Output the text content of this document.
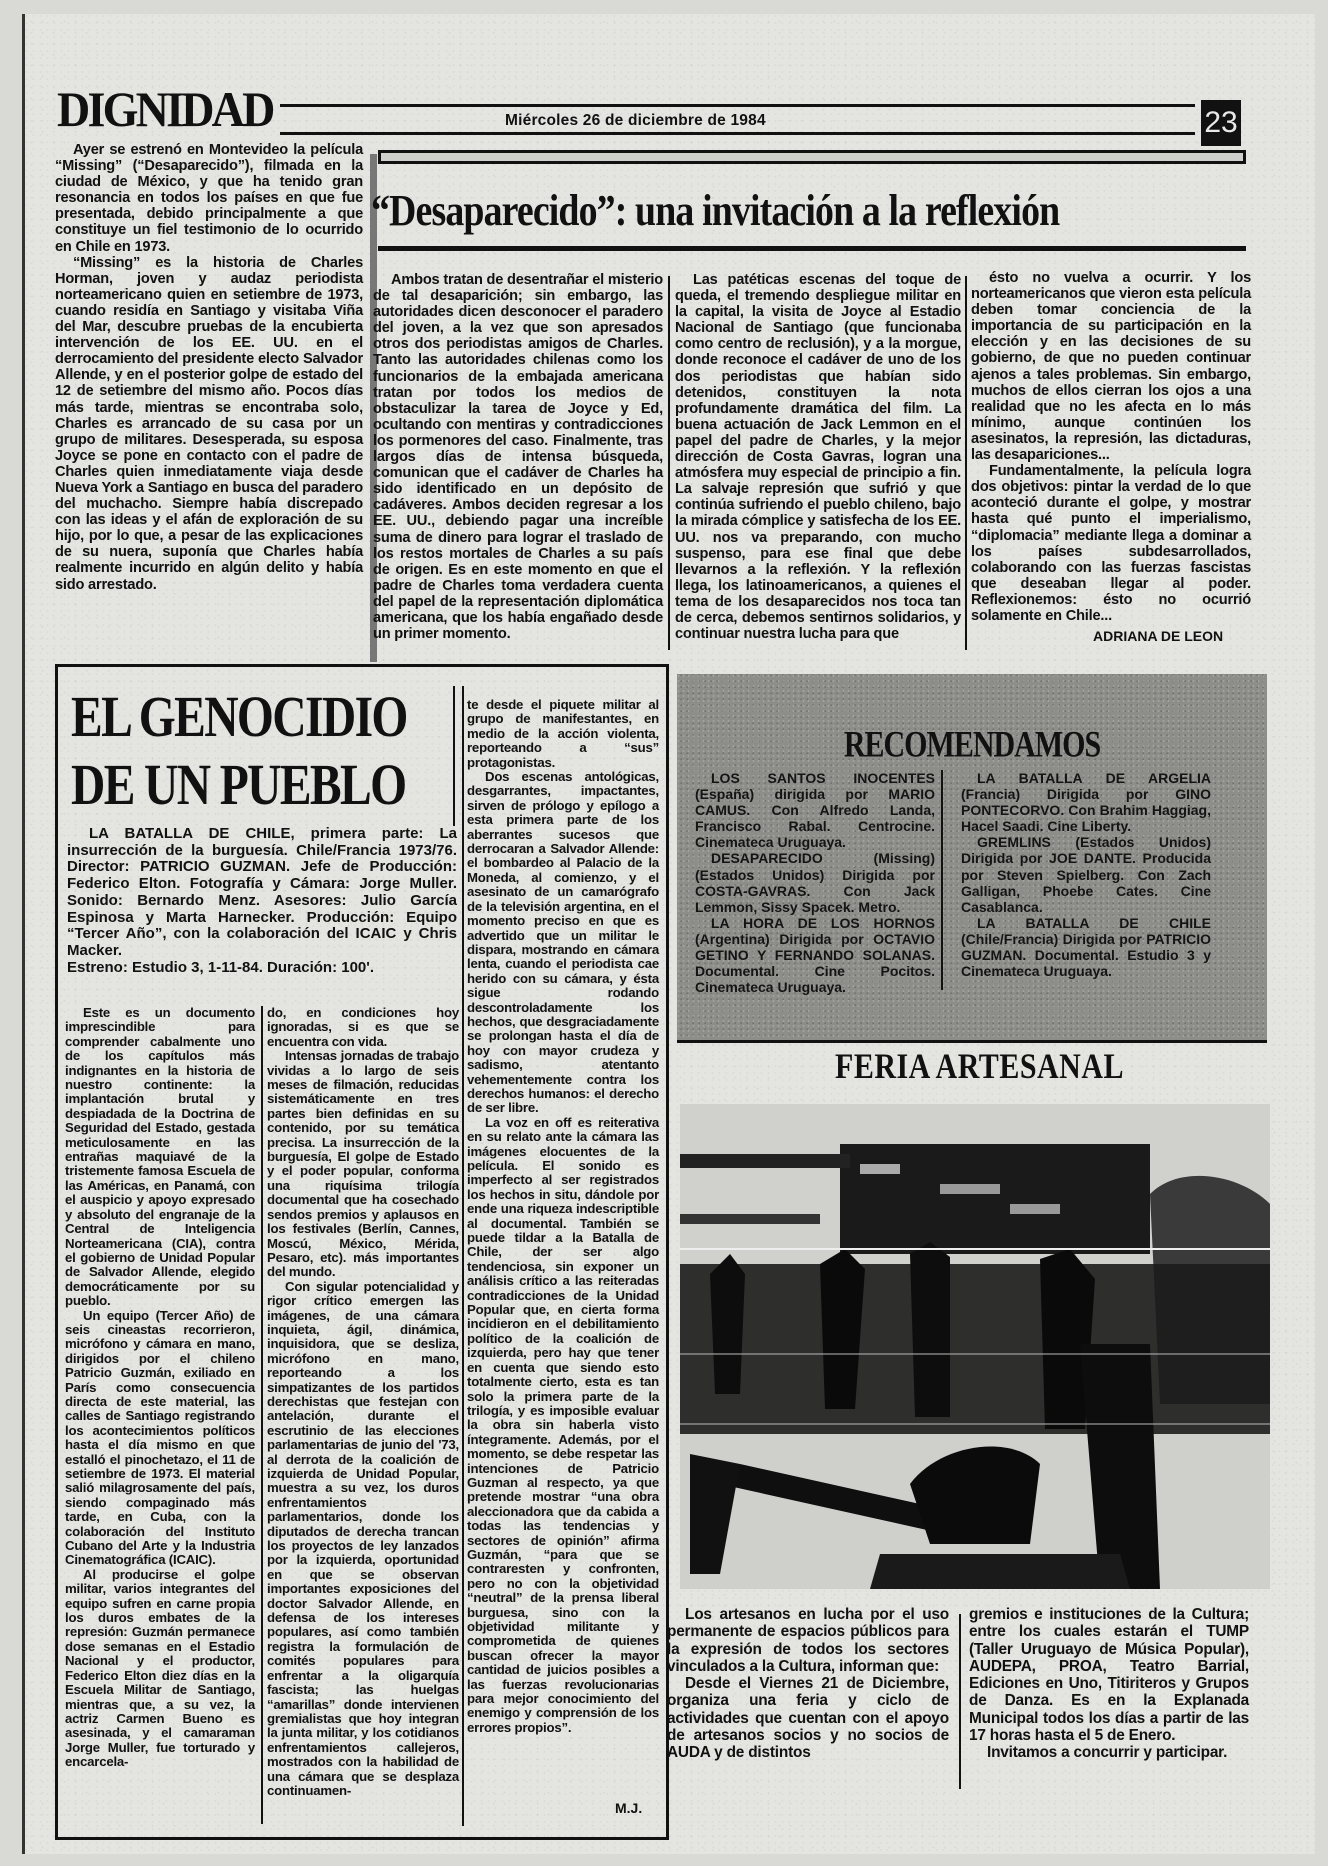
DIGNIDAD	Miércoles 26 de diciembre de 1984	23

Ayer se estrenó en Montevideo la película “Missing” (“Desaparecido”), filmada en la ciudad de México, y que ha tenido gran resonancia en todos los países en que fue presentada, debido principalmente a que constituye un fiel testimonio de lo ocurrido en Chile en 1973.

“Missing” es la historia de Charles Horman, joven y audaz periodista norteamericano quien en setiembre de 1973, cuando residía en Santiago y visitaba Viña del Mar, descubre pruebas de la encubierta intervención de los EE. UU. en el derrocamiento del presidente electo Salvador Allende, y en el posterior golpe de estado del 12 de setiembre del mismo año. Pocos días más tarde, mientras se encontraba solo, Charles es arrancado de su casa por un grupo de militares. Desesperada, su esposa Joyce se pone en contacto con el padre de Charles quien inmediatamente viaja desde Nueva York a Santiago en busca del paradero del muchacho. Siempre había discrepado con las ideas y el afán de exploración de su hijo, por lo que, a pesar de las explicaciones de su nuera, suponía que Charles había realmente incurrido en algún delito y había sido arrestado.

“Desaparecido”: una invitación a la reflexión

Ambos tratan de desentrañar el misterio de tal desaparición; sin embargo, las autoridades dicen desconocer el paradero del joven, a la vez que son apresados otros dos periodistas amigos de Charles. Tanto las autoridades chilenas como los funcionarios de la embajada americana tratan por todos los medios de obstaculizar la tarea de Joyce y Ed, ocultando con mentiras y contradicciones los pormenores del caso. Finalmente, tras largos días de intensa búsqueda, comunican que el cadáver de Charles ha sido identificado en un depósito de cadáveres. Ambos deciden regresar a los EE. UU., debiendo pagar una increíble suma de dinero para lograr el traslado de los restos mortales de Charles a su país de origen. Es en este momento en que el padre de Charles toma verdadera cuenta del papel de la representación diplomática americana, que los había engañado desde un primer momento.

Las patéticas escenas del toque de queda, el tremendo despliegue militar en la capital, la visita de Joyce al Estadio Nacional de Santiago (que funcionaba como centro de reclusión), y a la morgue, donde reconoce el cadáver de uno de los dos periodistas que habían sido detenidos, constituyen la nota profundamente dramática del film. La buena actuación de Jack Lemmon en el papel del padre de Charles, y la mejor dirección de Costa Gavras, logran una atmósfera muy especial de principio a fin. La salvaje represión que sufrió y que continúa sufriendo el pueblo chileno, bajo la mirada cómplice y satisfecha de los EE. UU. nos va preparando, con mucho suspenso, para ese final que debe llevarnos a la reflexión. Y la reflexión llega, los latinoamericanos, a quienes el tema de los desaparecidos nos toca tan de cerca, debemos sentirnos solidarios, y continuar nuestra lucha para que

ésto no vuelva a ocurrir. Y los norteamericanos que vieron esta película deben tomar conciencia de la importancia de su participación en la elección y en las decisiones de su gobierno, de que no pueden continuar ajenos a tales problemas. Sin embargo, muchos de ellos cierran los ojos a una realidad que no les afecta en lo más mínimo, aunque continúen los asesinatos, la represión, las dictaduras, las desapariciones...

Fundamentalmente, la película logra dos objetivos: pintar la verdad de lo que aconteció durante el golpe, y mostrar hasta qué punto el imperialismo, “diplomacia” mediante llega a dominar a los países subdesarrollados, colaborando con las fuerzas fascistas que deseaban llegar al poder. Reflexionemos: ésto no ocurrió solamente en Chile...

ADRIANA DE LEON
EL GENOCIDIO
DE UN PUEBLO
LA BATALLA DE CHILE, primera parte: La insurrección de la burguesía. Chile/Francia 1973/76. Director: PATRICIO GUZMAN. Jefe de Producción: Federico Elton. Fotografía y Cámara: Jorge Muller. Sonido: Bernardo Menz. Asesores: Julio García Espinosa y Marta Harnecker. Producción: Equipo “Tercer Año”, con la colaboración del ICAIC y Chris Macker.
Estreno: Estudio 3, 1-11-84. Duración: 100'.

Este es un documento imprescindible para comprender cabalmente uno de los capítulos más indignantes en la historia de nuestro continente: la implantación brutal y despiadada de la Doctrina de Seguridad del Estado, gestada meticulosamente en las entrañas maquiavé de la tristemente famosa Escuela de las Américas, en Panamá, con el auspicio y apoyo expresado y absoluto del engranaje de la Central de Inteligencia Norteamericana (CIA), contra el gobierno de Unidad Popular de Salvador Allende, elegido democráticamente por su pueblo.

Un equipo (Tercer Año) de seis cineastas recorrieron, micrófono y cámara en mano, dirigidos por el chileno Patricio Guzmán, exiliado en París como consecuencia directa de este material, las calles de Santiago registrando los acontecimientos políticos hasta el día mismo en que estalló el pinochetazo, el 11 de setiembre de 1973. El material salió milagrosamente del país, siendo compaginado más tarde, en Cuba, con la colaboración del Instituto Cubano del Arte y la Industria Cinematográfica (ICAIC).

Al producirse el golpe militar, varios integrantes del equipo sufren en carne propia los duros embates de la represión: Guzmán permanece dose semanas en el Estadio Nacional y el productor, Federico Elton diez días en la Escuela Militar de Santiago, mientras que, a su vez, la actriz Carmen Bueno es asesinada, y el camaraman Jorge Muller, fue torturado y encarcela-

do, en condiciones hoy ignoradas, si es que se encuentra con vida.

Intensas jornadas de trabajo vividas a lo largo de seis meses de filmación, reducidas sistemáticamente en tres partes bien definidas en su contenido, por su temática precisa. La insurrección de la burguesía, El golpe de Estado y el poder popular, conforma una riquísima trilogía documental que ha cosechado sendos premios y aplausos en los festivales (Berlín, Cannes, Moscú, México, Mérida, Pesaro, etc). más importantes del mundo.

Con sigular potencialidad y rigor crítico emergen las imágenes, de una cámara inquieta, ágil, dinámica, inquisidora, que se desliza, micrófono en mano, reporteando a los simpatizantes de los partidos derechistas que festejan con antelación, durante el escrutinio de las elecciones parlamentarias de junio del '73, al derrota de la coalición de izquierda de Unidad Popular, muestra a su vez, los duros enfrentamientos parlamentarios, donde los diputados de derecha trancan los proyectos de ley lanzados por la izquierda, oportunidad en que se observan importantes exposiciones del doctor Salvador Allende, en defensa de los intereses populares, así como también registra la formulación de comités populares para enfrentar a la oligarquía fascista; las huelgas “amarillas” donde intervienen gremialistas que hoy integran la junta militar, y los cotidianos enfrentamientos callejeros, mostrados con la habilidad de una cámara que se desplaza continuamen-

te desde el piquete militar al grupo de manifestantes, en medio de la acción violenta, reporteando a “sus” protagonistas.

Dos escenas antológicas, desgarrantes, impactantes, sirven de prólogo y epílogo a esta primera parte de los aberrantes sucesos que derrocaran a Salvador Allende: el bombardeo al Palacio de la Moneda, al comienzo, y el asesinato de un camarógrafo de la televisión argentina, en el momento preciso en que es advertido que un militar le dispara, mostrando en cámara lenta, cuando el periodista cae herido con su cámara, y ésta sigue rodando descontroladamente los hechos, que desgraciadamente se prolongan hasta el día de hoy con mayor crudeza y sadismo, atentanto vehementemente contra los derechos humanos: el derecho de ser libre.

La voz en off es reiterativa en su relato ante la cámara las imágenes elocuentes de la película. El sonido es imperfecto al ser registrados los hechos in situ, dándole por ende una riqueza indescriptible al documental. También se puede tildar a la Batalla de Chile, der ser algo tendenciosa, sin exponer un análisis crítico a las reiteradas contradicciones de la Unidad Popular que, en cierta forma incidieron en el debilitamiento político de la coalición de izquierda, pero hay que tener en cuenta que siendo esto totalmente cierto, esta es tan solo la primera parte de la trilogía, y es imposible evaluar la obra sin haberla visto íntegramente. Además, por el momento, se debe respetar las intenciones de Patricio Guzman al respecto, ya que pretende mostrar “una obra aleccionadora que da cabida a todas las tendencias y sectores de opinión” afirma Guzmán, “para que se contraresten y confronten, pero no con la objetividad “neutral” de la prensa liberal burguesa, sino con la objetividad militante y comprometida de quienes buscan ofrecer la mayor cantidad de juicios posibles a las fuerzas revolucionarias para mejor conocimiento del enemigo y comprensión de los errores propios”.

M.J.
RECOMENDAMOS

LOS SANTOS INOCENTES (España) dirigida por MARIO CAMUS. Con Alfredo Landa, Francisco Rabal. Centrocine. Cinemateca Uruguaya.

DESAPARECIDO (Missing) (Estados Unidos) Dirigida por COSTA-GAVRAS. Con Jack Lemmon, Sissy Spacek. Metro.

LA HORA DE LOS HORNOS (Argentina) Dirigida por OCTAVIO GETINO Y FERNANDO SOLANAS. Documental. Cine Pocitos. Cinemateca Uruguaya.

LA BATALLA DE ARGELIA (Francia) Dirigida por GINO PONTECORVO. Con Brahim Haggiag, Hacel Saadi. Cine Liberty.

GREMLINS (Estados Unidos) Dirigida por JOE DANTE. Producida por Steven Spielberg. Con Zach Galligan, Phoebe Cates. Cine Casablanca.

LA BATALLA DE CHILE (Chile/Francia) Dirigida por PATRICIO GUZMAN. Documental. Estudio 3 y Cinemateca Uruguaya.

FERIA ARTESANAL

Los artesanos en lucha por el uso permanente de espacios públicos para la expresión de todos los sectores vinculados a la Cultura, informan que:

Desde el Viernes 21 de Diciembre, organiza una feria y ciclo de actividades que cuentan con el apoyo de artesanos socios y no socios de AUDA y de distintos

gremios e instituciones de la Cultura; entre los cuales estarán el TUMP (Taller Uruguayo de Música Popular), AUDEPA, PROA, Teatro Barrial, Ediciones en Uno, Titiriteros y Grupos de Danza. Es en la Explanada Municipal todos los días a partir de las 17 horas hasta el 5 de Enero.

Invitamos a concurrir y participar.
